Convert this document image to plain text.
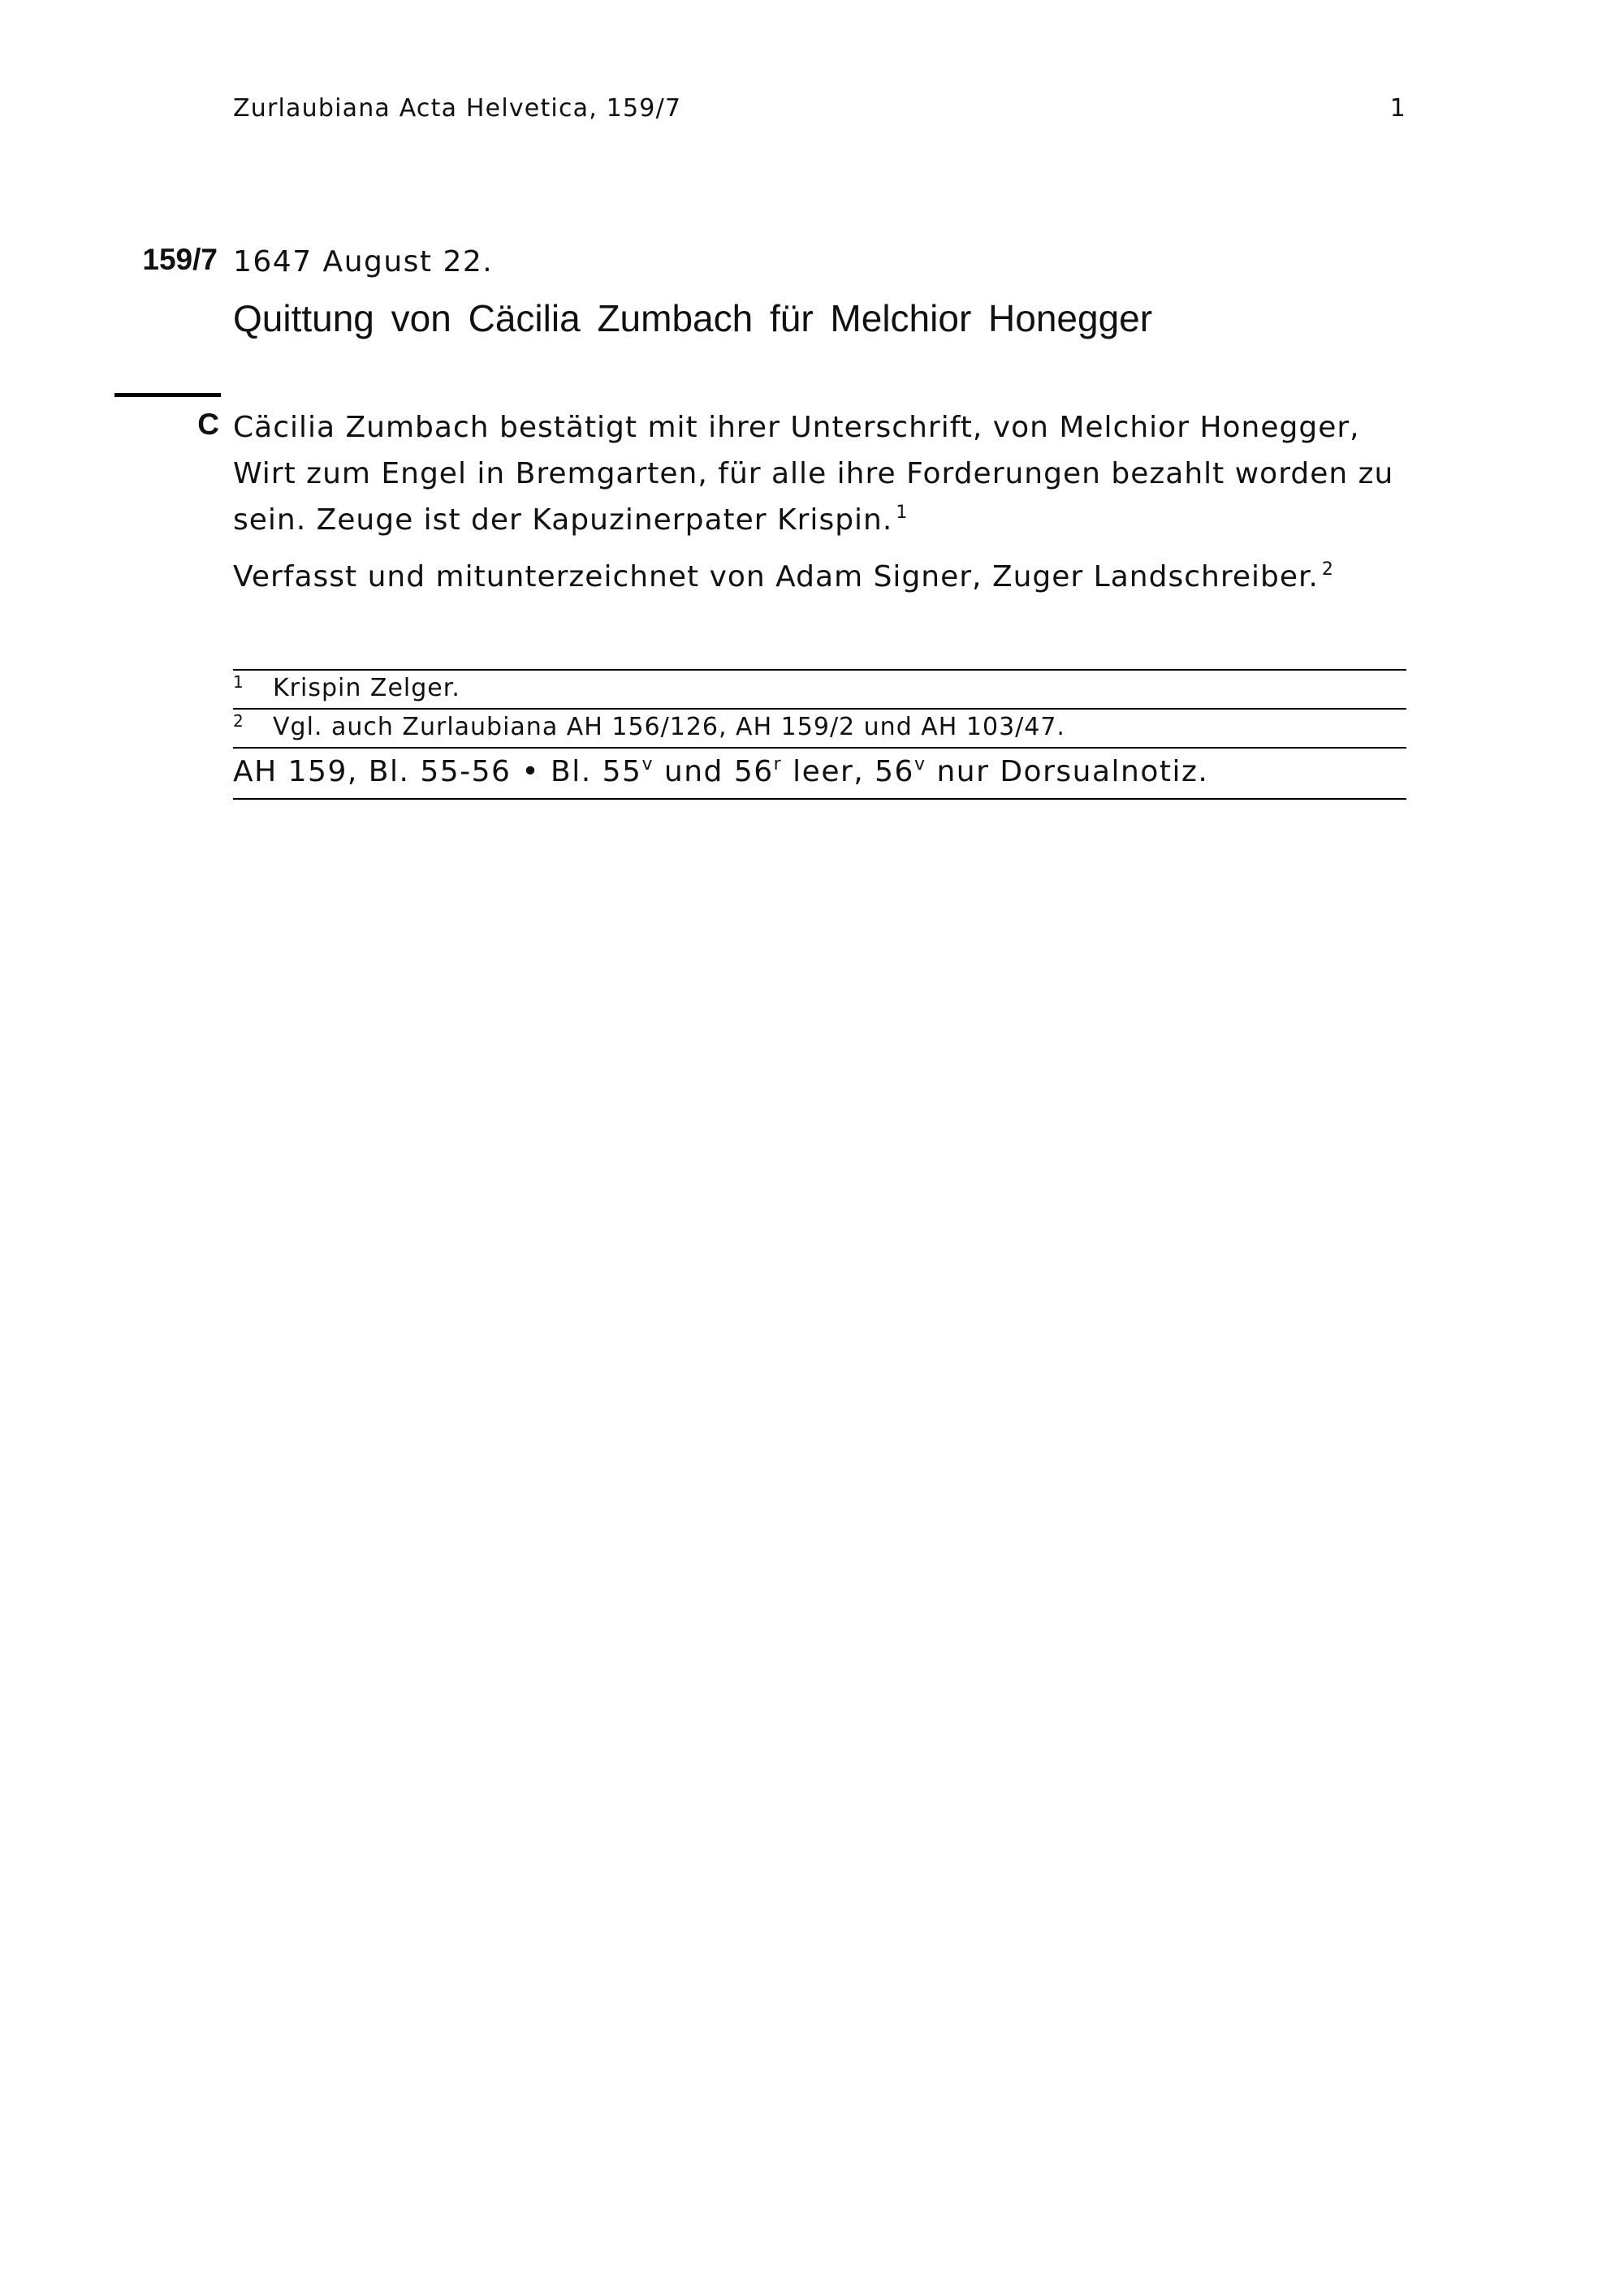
Zurlaubiana Acta Helvetica, 159/7	1
159/7 1647 August 22.
Quittung von Cäcilia Zumbach für Melchior Honegger
C Cäcilia Zumbach bestätigt mit ihrer Unterschrift, von Melchior Honegger, Wirt zum Engel in Bremgarten, für alle ihre Forderungen bezahlt worden zu sein. Zeuge ist der Kapuzinerpater Krispin. $^1$

Verfasst und mitunterzeichnet von Adam Signer, Zuger Landschreiber. $^2$

1 Krispin Zelger.
2 Vgl. auch Zurlaubiana AH 156/126, AH 159/2 und AH 103/47.
AH 159, Bl. 55-56 • Bl. 55$^v$ und 56$^r$ leer, 56$^v$ nur Dorsualnotiz.
